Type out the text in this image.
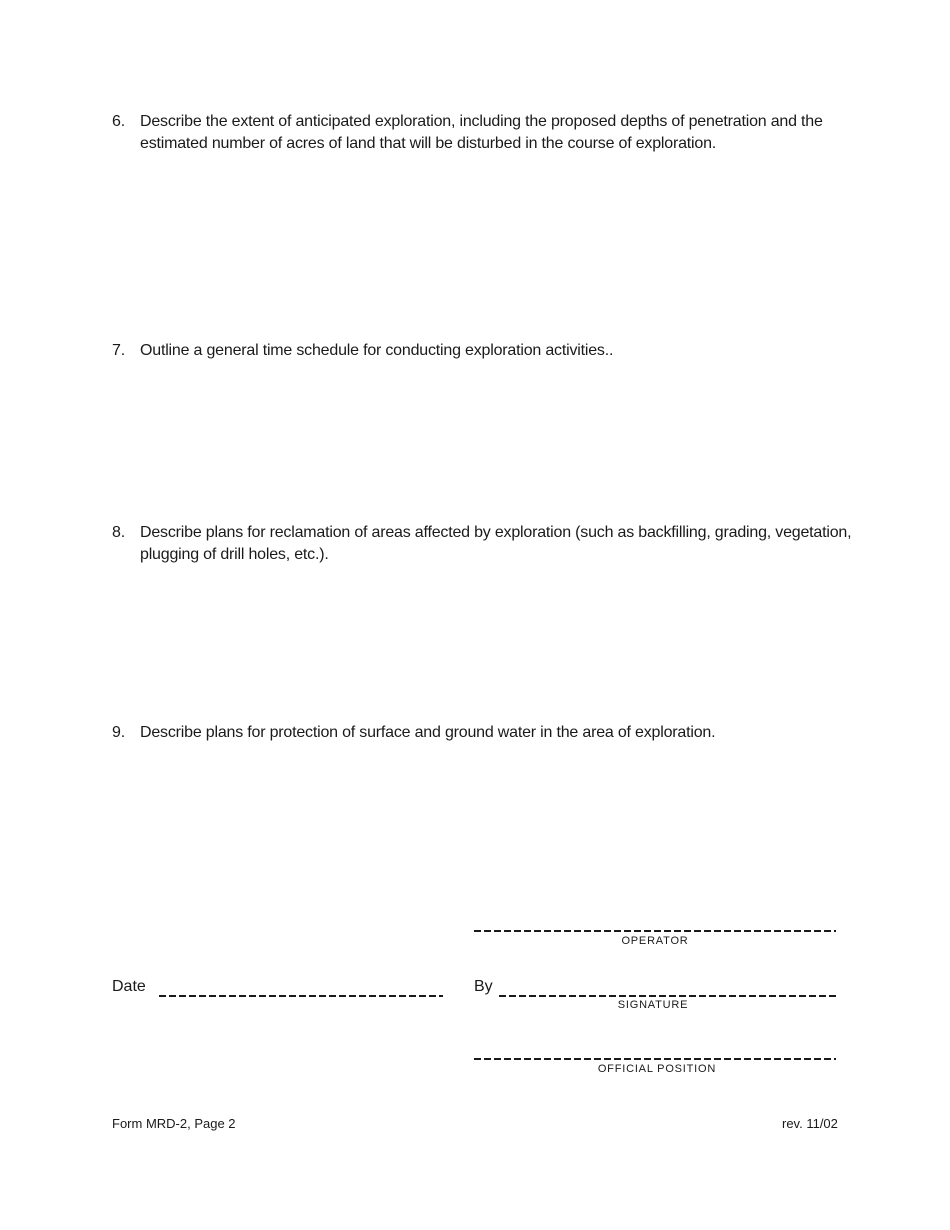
6. Describe the extent of anticipated exploration, including the proposed depths of penetration and the estimated number of acres of land that will be disturbed in the course of exploration.
7. Outline a general time schedule for conducting exploration activities..
8. Describe plans for reclamation of areas affected by exploration (such as backfilling, grading, vegetation, plugging of drill holes, etc.).
9. Describe plans for protection of surface and ground water in the area of exploration.
OPERATOR
Date	By
SIGNATURE
OFFICIAL POSITION
Form MRD-2, Page 2	rev. 11/02
